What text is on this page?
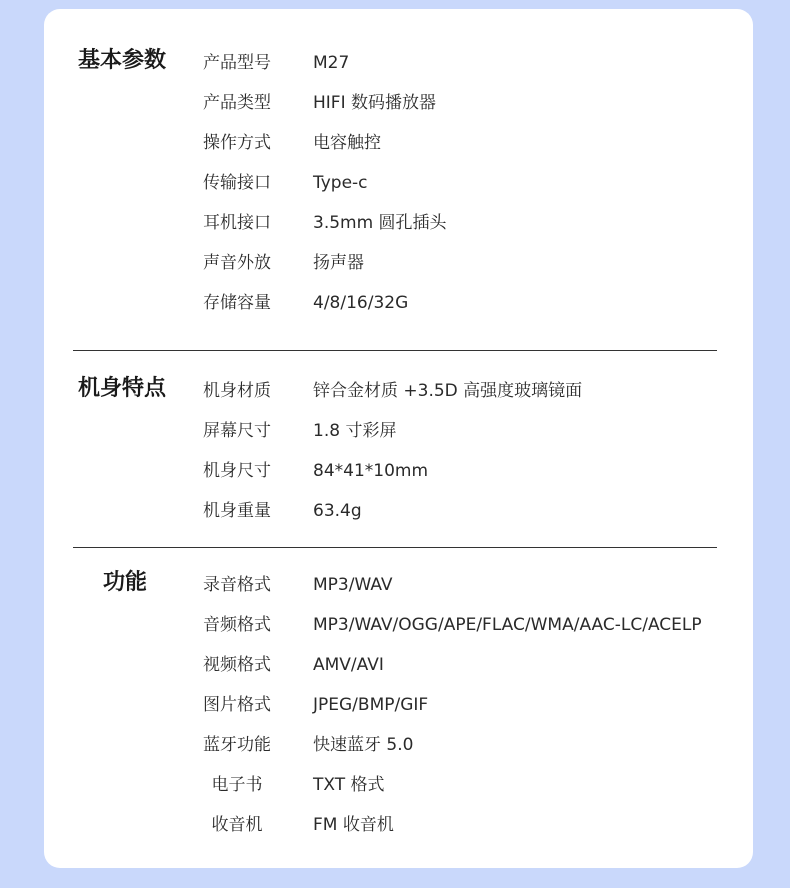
基本参数	产品型号	M27
产品类型	HIFI 数码播放器
操作方式	电容触控
传输接口	Type-c
耳机接口	3.5mm 圆孔插头
声音外放	扬声器
存储容量	4/8/16/32G
机身特点	机身材质	锌合金材质 +3.5D 高强度玻璃镜面
屏幕尺寸	1.8 寸彩屏
机身尺寸	84*41*10mm
机身重量	63.4g
功能	录音格式	MP3/WAV
音频格式	MP3/WAV/OGG/APE/FLAC/WMA/AAC-LC/ACELP
视频格式	AMV/AVI
图片格式	JPEG/BMP/GIF
蓝牙功能	快速蓝牙 5.0
电子书	TXT 格式
收音机	FM 收音机
